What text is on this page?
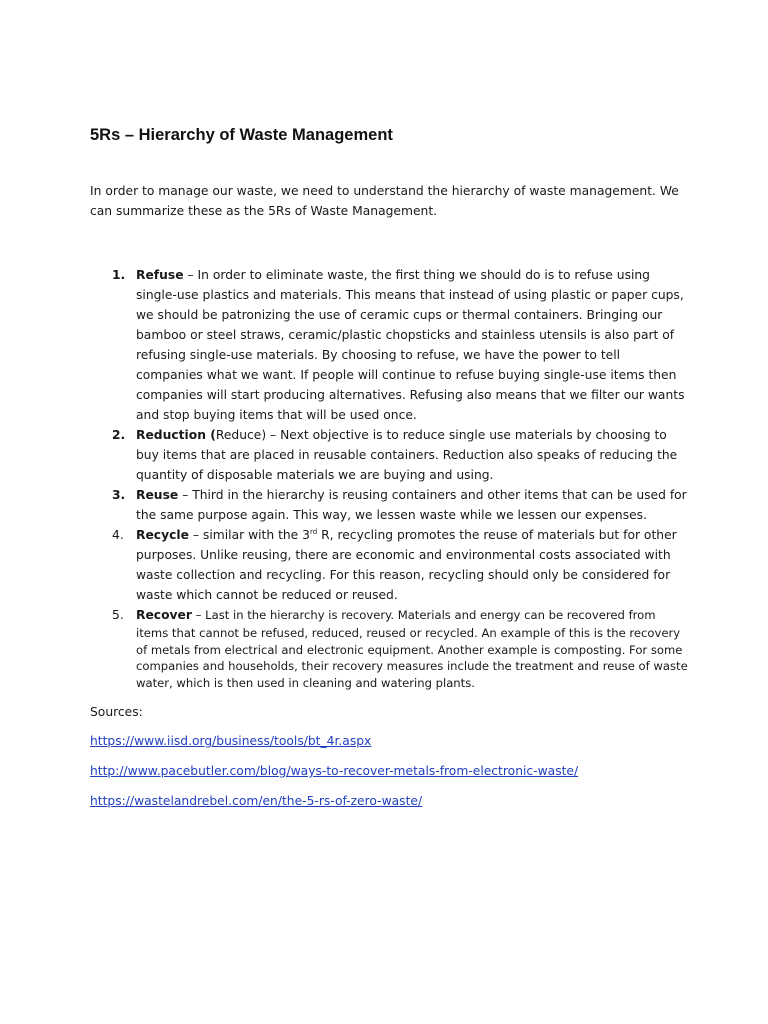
5Rs – Hierarchy of Waste Management
In order to manage our waste, we need to understand the hierarchy of waste management. We can summarize these as the 5Rs of Waste Management.
1. Refuse – In order to eliminate waste, the first thing we should do is to refuse using single-use plastics and materials. This means that instead of using plastic or paper cups, we should be patronizing the use of ceramic cups or thermal containers. Bringing our bamboo or steel straws, ceramic/plastic chopsticks and stainless utensils is also part of refusing single-use materials. By choosing to refuse, we have the power to tell companies what we want. If people will continue to refuse buying single-use items then companies will start producing alternatives. Refusing also means that we filter our wants and stop buying items that will be used once.
2. Reduction (Reduce) – Next objective is to reduce single use materials by choosing to buy items that are placed in reusable containers. Reduction also speaks of reducing the quantity of disposable materials we are buying and using.
3. Reuse – Third in the hierarchy is reusing containers and other items that can be used for the same purpose again. This way, we lessen waste while we lessen our expenses.
4. Recycle – similar with the 3rd R, recycling promotes the reuse of materials but for other purposes. Unlike reusing, there are economic and environmental costs associated with waste collection and recycling. For this reason, recycling should only be considered for waste which cannot be reduced or reused.
5. Recover – Last in the hierarchy is recovery. Materials and energy can be recovered from items that cannot be refused, reduced, reused or recycled. An example of this is the recovery of metals from electrical and electronic equipment. Another example is composting. For some companies and households, their recovery measures include the treatment and reuse of waste water, which is then used in cleaning and watering plants.
Sources:
https://www.iisd.org/business/tools/bt_4r.aspx
http://www.pacebutler.com/blog/ways-to-recover-metals-from-electronic-waste/
https://wastelandrebel.com/en/the-5-rs-of-zero-waste/
